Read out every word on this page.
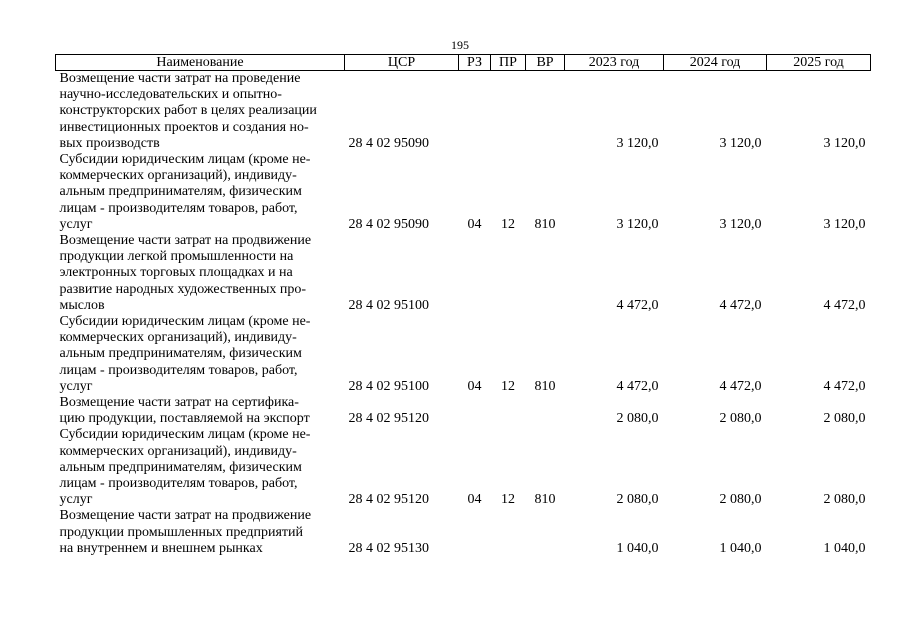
195
Наименование	ЦСР	РЗ	ПР	ВР	2023 год	2024 год	2025 год

Возмещение части затрат на проведение
научно-исследовательских и опытно-
конструкторских работ в целях реализации
инвестиционных проектов и создания но-
вых производств	28 4 02 95090				3 120,0	3 120,0	3 120,0

Субсидии юридическим лицам (кроме не-
коммерческих организаций), индивиду-
альным предпринимателям, физическим
лицам - производителям товаров, работ,
услуг	28 4 02 95090	04	12	810	3 120,0	3 120,0	3 120,0

Возмещение части затрат на продвижение
продукции легкой промышленности на
электронных торговых площадках и на
развитие народных художественных про-
мыслов	28 4 02 95100				4 472,0	4 472,0	4 472,0

Субсидии юридическим лицам (кроме не-
коммерческих организаций), индивиду-
альным предпринимателям, физическим
лицам - производителям товаров, работ,
услуг	28 4 02 95100	04	12	810	4 472,0	4 472,0	4 472,0

Возмещение части затрат на сертифика-
цию продукции, поставляемой на экспорт	28 4 02 95120				2 080,0	2 080,0	2 080,0

Субсидии юридическим лицам (кроме не-
коммерческих организаций), индивиду-
альным предпринимателям, физическим
лицам - производителям товаров, работ,
услуг	28 4 02 95120	04	12	810	2 080,0	2 080,0	2 080,0

Возмещение части затрат на продвижение
продукции промышленных предприятий
на внутреннем и внешнем рынках	28 4 02 95130				1 040,0	1 040,0	1 040,0
